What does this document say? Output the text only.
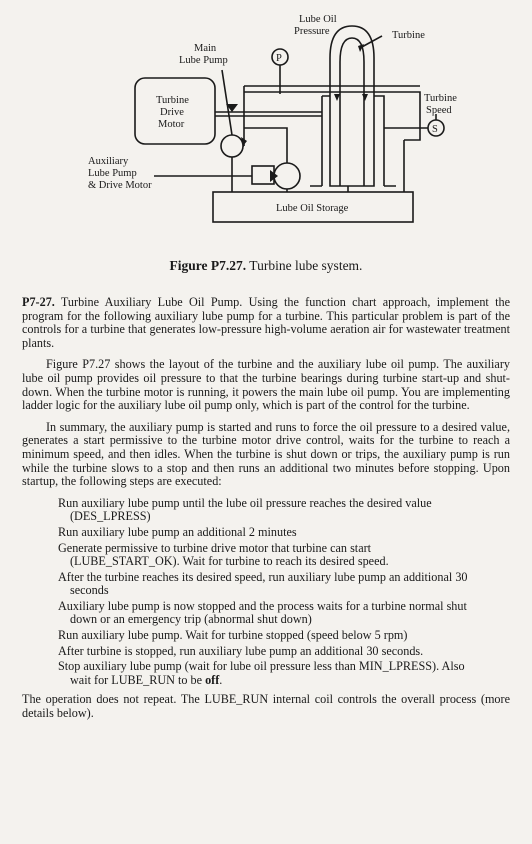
Lube Oil
Pressure
P
Turbine
Main
Lube Pump
Turbine
Drive
Motor
Turbine
Speed
S
Auxiliary
Lube Pump
& Drive Motor
Lube Oil Storage
Figure P7.27. Turbine lube system.

P7-27. Turbine Auxiliary Lube Oil Pump. Using the function chart approach, implement the program for the following auxiliary lube pump for a turbine. This particular problem is part of the controls for a turbine that generates low-pressure high-volume aeration air for wastewater treatment plants.

Figure P7.27 shows the layout of the turbine and the auxiliary lube oil pump. The auxiliary lube oil pump provides oil pressure to that the turbine bearings during turbine start-up and shut-down. When the turbine motor is running, it powers the main lube oil pump. You are implementing ladder logic for the auxiliary lube oil pump only, which is part of the control for the turbine.

In summary, the auxiliary pump is started and runs to force the oil pressure to a desired value, generates a start permissive to the turbine motor drive control, waits for the turbine to reach a minimum speed, and then idles. When the turbine is shut down or trips, the auxiliary pump is run while the turbine slows to a stop and then runs an additional two minutes before stopping. Upon startup, the following steps are executed:

Run auxiliary lube pump until the lube oil pressure reaches the desired value
(DES_LPRESS)
Run auxiliary lube pump an additional 2 minutes
Generate permissive to turbine drive motor that turbine can start
(LUBE_START_OK). Wait for turbine to reach its desired speed.
After the turbine reaches its desired speed, run auxiliary lube pump an additional 30
seconds
Auxiliary lube pump is now stopped and the process waits for a turbine normal shut
down or an emergency trip (abnormal shut down)
Run auxiliary lube pump. Wait for turbine stopped (speed below 5 rpm)
After turbine is stopped, run auxiliary lube pump an additional 30 seconds.
Stop auxiliary lube pump (wait for lube oil pressure less than MIN_LPRESS). Also
wait for LUBE_RUN to be off.

The operation does not repeat. The LUBE_RUN internal coil controls the overall process (more details below).
